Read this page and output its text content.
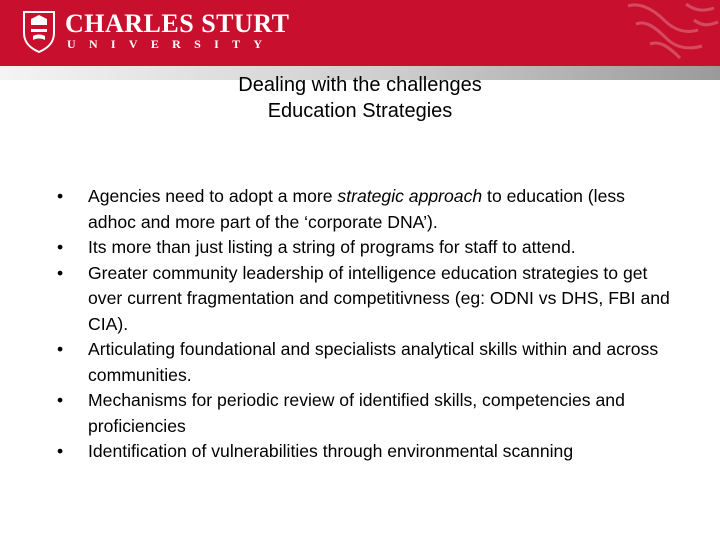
CHARLES STURT
UNIVERSITY
AUSTRALIA
Dealing with the challenges
Education Strategies
• Agencies need to adopt a more strategic approach to education (less adhoc and more part of the ‘corporate DNA’).
• Its more than just listing a string of programs for staff to attend.
• Greater community leadership of intelligence education strategies to get over current fragmentation and competitivness (eg: ODNI vs DHS, FBI and CIA).
• Articulating foundational and specialists analytical skills within and across communities.
• Mechanisms for periodic review of identified skills, competencies and proficiencies
• Identification of vulnerabilities through environmental scanning
